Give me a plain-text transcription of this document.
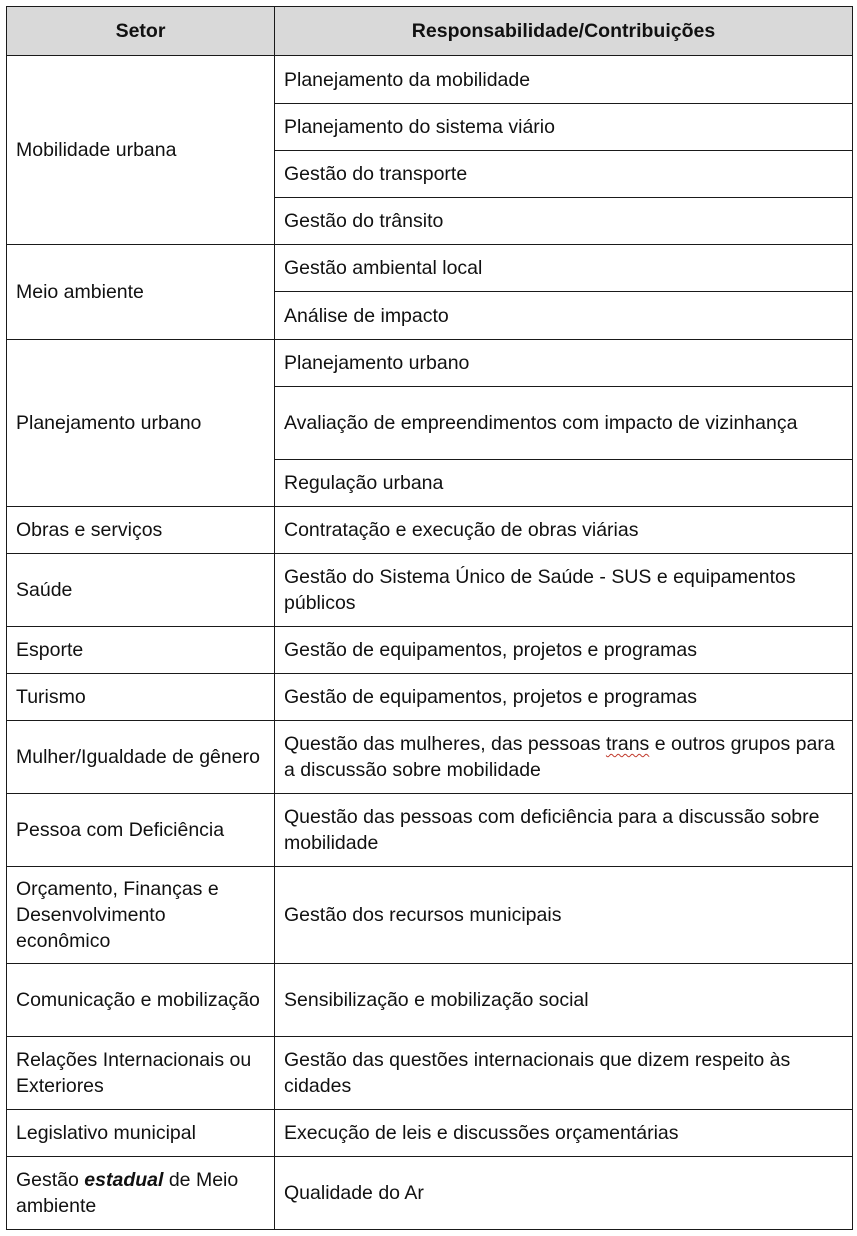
Setor	Responsabilidade/Contribuições
Mobilidade urbana	Planejamento da mobilidade
	Planejamento do sistema viário
	Gestão do transporte
	Gestão do trânsito
Meio ambiente	Gestão ambiental local
	Análise de impacto
Planejamento urbano	Planejamento urbano
	Avaliação de empreendimentos com impacto de vizinhança
	Regulação urbana
Obras e serviços	Contratação e execução de obras viárias
Saúde	Gestão do Sistema Único de Saúde - SUS e equipamentos públicos
Esporte	Gestão de equipamentos, projetos e programas
Turismo	Gestão de equipamentos, projetos e programas
Mulher/Igualdade de gênero	Questão das mulheres, das pessoas trans e outros grupos para a discussão sobre mobilidade
Pessoa com Deficiência	Questão das pessoas com deficiência para a discussão sobre mobilidade
Orçamento, Finanças e Desenvolvimento econômico	Gestão dos recursos municipais
Comunicação e mobilização	Sensibilização e mobilização social
Relações Internacionais ou Exteriores	Gestão das questões internacionais que dizem respeito às cidades
Legislativo municipal	Execução de leis e discussões orçamentárias
Gestão estadual de Meio ambiente	Qualidade do Ar
